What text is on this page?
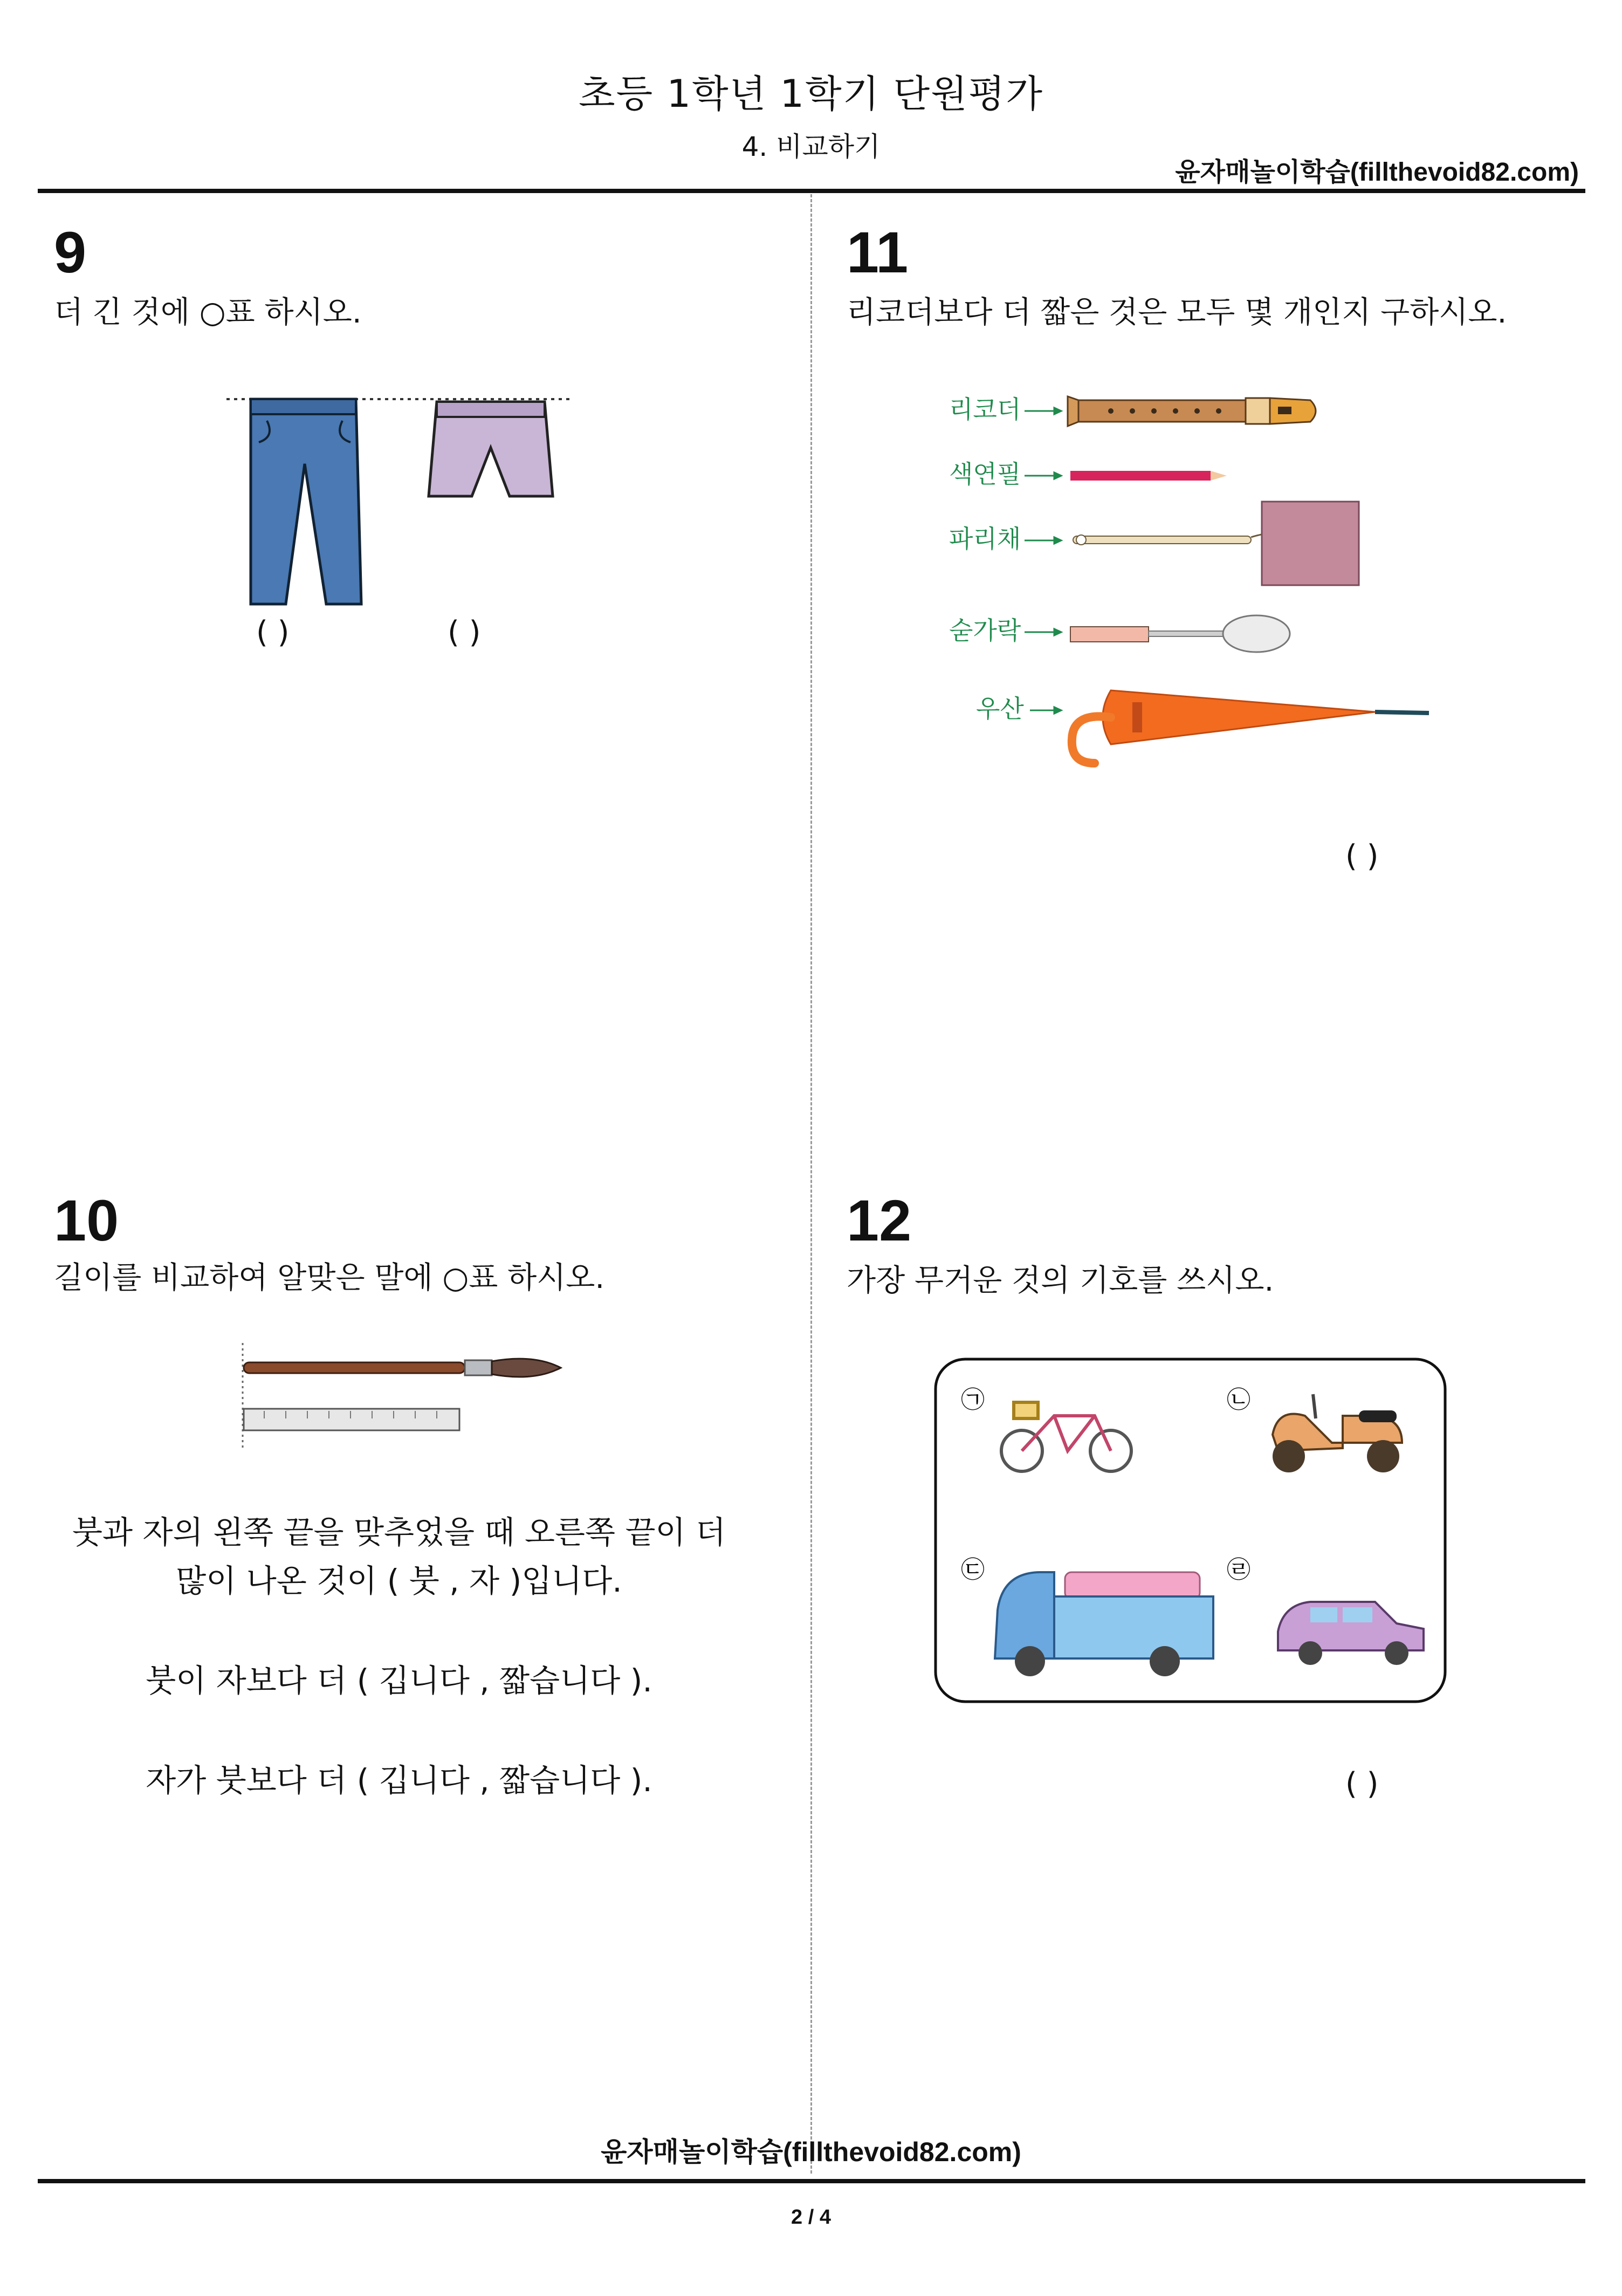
초등 1학년 1학기 단원평가
4. 비교하기
윤자매놀이학습(fillthevoid82.com)
9
더 긴 것에 ○표 하시오.
( )	( )
10
길이를 비교하여 알맞은 말에 ○표 하시오.
붓과 자의 왼쪽 끝을 맞추었을 때 오른쪽 끝이 더
많이 나온 것이 ( 붓 , 자 )입니다.
붓이 자보다 더 ( 깁니다 , 짧습니다 ).
자가 붓보다 더 ( 깁니다 , 짧습니다 ).
11
리코더보다 더 짧은 것은 모두 몇 개인지 구하시오.
리코더
색연필
파리채
숟가락
우산
( )
12
가장 무거운 것의 기호를 쓰시오.
㉠	㉡
㉢	㉣
( )
윤자매놀이학습(fillthevoid82.com)
2 / 4
